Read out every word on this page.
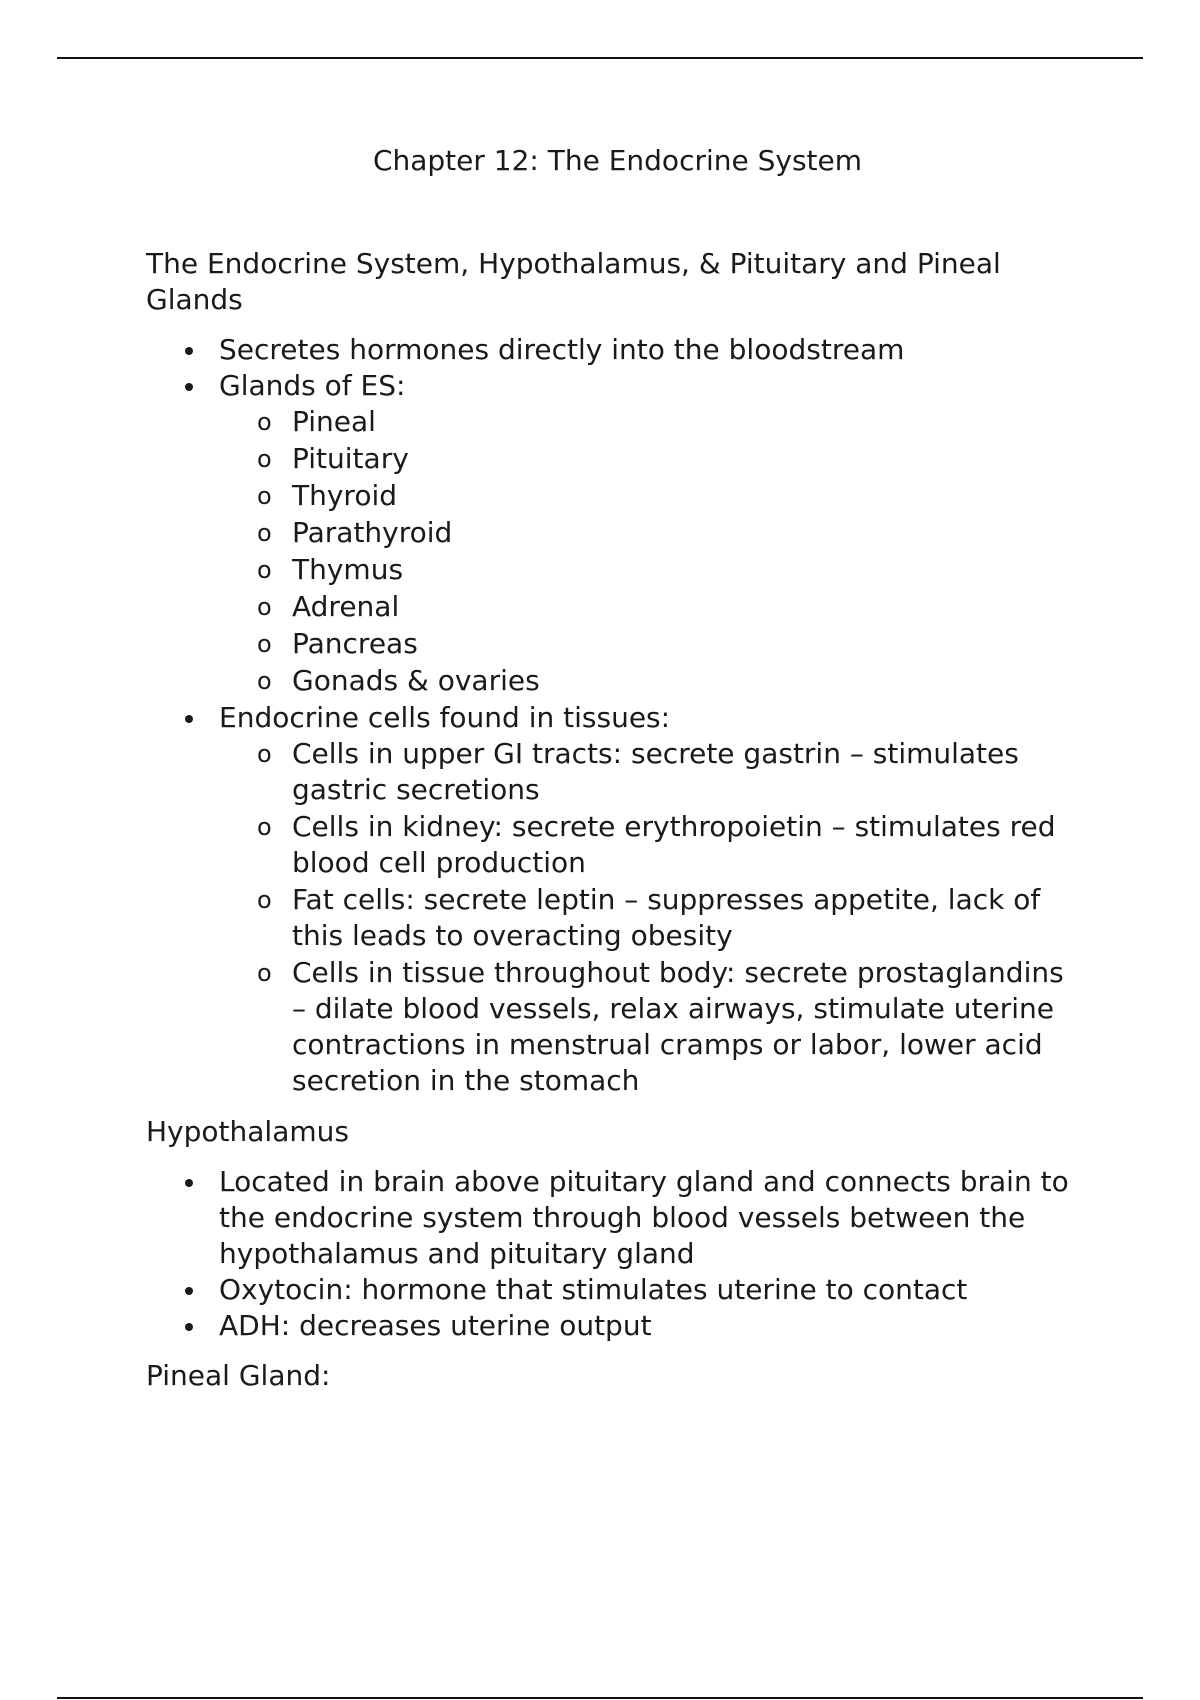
Chapter 12: The Endocrine System

The Endocrine System, Hypothalamus, & Pituitary and Pineal Glands

Secretes hormones directly into the bloodstream
Glands of ES:
o Pineal
o Pituitary
o Thyroid
o Parathyroid
o Thymus
o Adrenal
o Pancreas
o Gonads & ovaries
Endocrine cells found in tissues:
o Cells in upper GI tracts: secrete gastrin – stimulates gastric secretions
o Cells in kidney: secrete erythropoietin – stimulates red blood cell production
o Fat cells: secrete leptin – suppresses appetite, lack of this leads to overacting obesity
o Cells in tissue throughout body: secrete prostaglandins – dilate blood vessels, relax airways, stimulate uterine contractions in menstrual cramps or labor, lower acid secretion in the stomach

Hypothalamus

Located in brain above pituitary gland and connects brain to the endocrine system through blood vessels between the hypothalamus and pituitary gland
Oxytocin: hormone that stimulates uterine to contact
ADH: decreases uterine output

Pineal Gland:
